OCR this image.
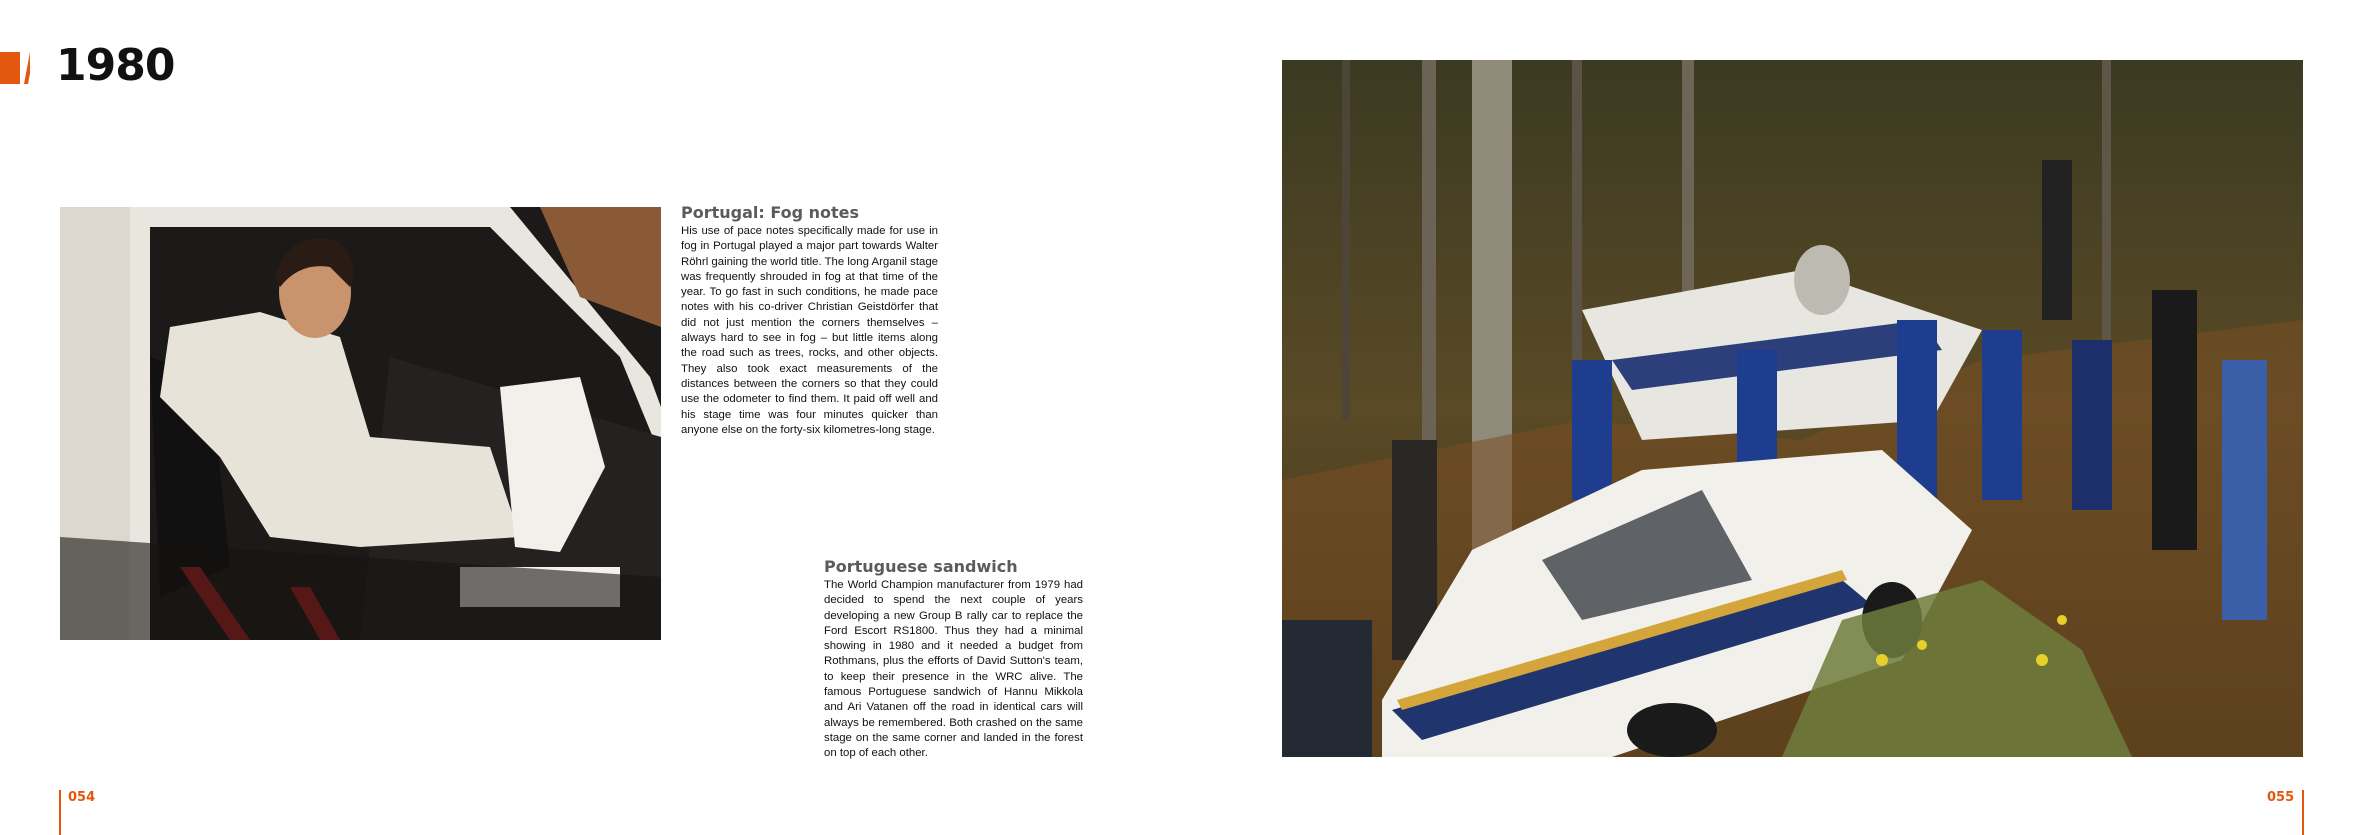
1980
Portugal: Fog notes

His use of pace notes specifically made for use in fog in Portugal played a major part towards Walter Röhrl gaining the world title. The long Arganil stage was frequently shrouded in fog at that time of the year. To go fast in such conditions, he made pace notes with his co-driver Christian Geistdörfer that did not just mention the corners themselves – always hard to see in fog – but little items along the road such as trees, rocks, and other objects. They also took exact measurements of the distances between the corners so that they could use the odometer to find them. It paid off well and his stage time was four minutes quicker than anyone else on the forty-six kilometres-long stage.

Portuguese sandwich

The World Champion manufacturer from 1979 had decided to spend the next couple of years developing a new Group B rally car to replace the Ford Escort RS1800. Thus they had a minimal showing in 1980 and it needed a budget from Rothmans, plus the efforts of David Sutton's team, to keep their presence in the WRC alive. The famous Portuguese sandwich of Hannu Mikkola and Ari Vatanen off the road in identical cars will always be remembered. Both crashed on the same stage on the same corner and landed in the forest on top of each other.

054	055
